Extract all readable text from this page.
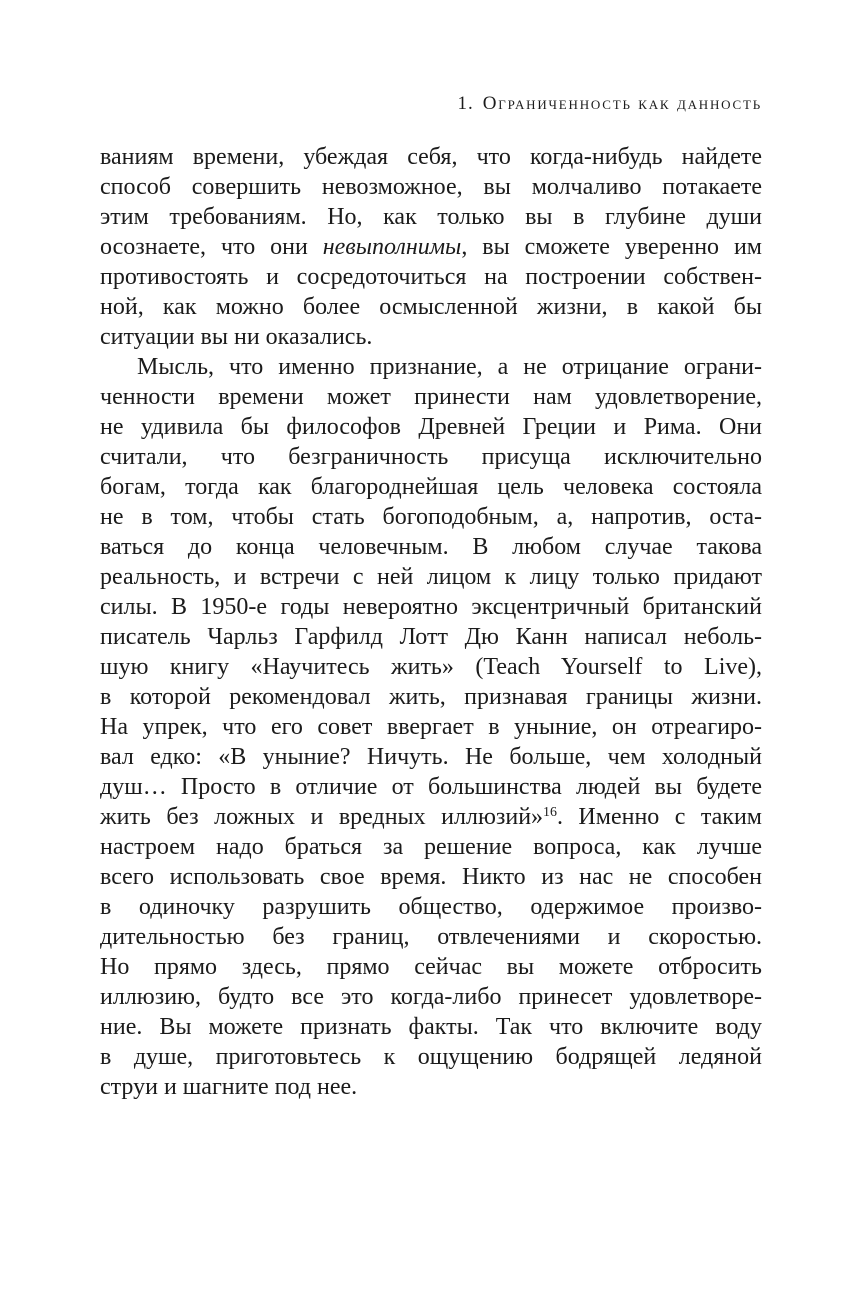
1. Ограниченность как данность
ваниям времени, убеждая себя, что когда-нибудь найдете
способ совершить невозможное, вы молчаливо потакаете
этим требованиям. Но, как только вы в глубине души
осознаете, что они невыполнимы, вы сможете уверенно им
противостоять и сосредоточиться на построении собствен-
ной, как можно более осмысленной жизни, в какой бы
ситуации вы ни оказались.
Мысль, что именно признание, а не отрицание ограни-
ченности времени может принести нам удовлетворение,
не удивила бы философов Древней Греции и Рима. Они
считали, что безграничность присуща исключительно
богам, тогда как благороднейшая цель человека состояла
не в том, чтобы стать богоподобным, а, напротив, оста-
ваться до конца человечным. В любом случае такова
реальность, и встречи с ней лицом к лицу только придают
силы. В 1950-е годы невероятно эксцентричный британский
писатель Чарльз Гарфилд Лотт Дю Канн написал неболь-
шую книгу «Научитесь жить» (Teach Yourself to Live),
в которой рекомендовал жить, признавая границы жизни.
На упрек, что его совет ввергает в уныние, он отреагиро-
вал едко: «В уныние? Ничуть. Не больше, чем холодный
душ… Просто в отличие от большинства людей вы будете
жить без ложных и вредных иллюзий»$^{16}$. Именно с таким
настроем надо браться за решение вопроса, как лучше
всего использовать свое время. Никто из нас не способен
в одиночку разрушить общество, одержимое произво-
дительностью без границ, отвлечениями и скоростью.
Но прямо здесь, прямо сейчас вы можете отбросить
иллюзию, будто все это когда-либо принесет удовлетворе-
ние. Вы можете признать факты. Так что включите воду
в душе, приготовьтесь к ощущению бодрящей ледяной
струи и шагните под нее.
